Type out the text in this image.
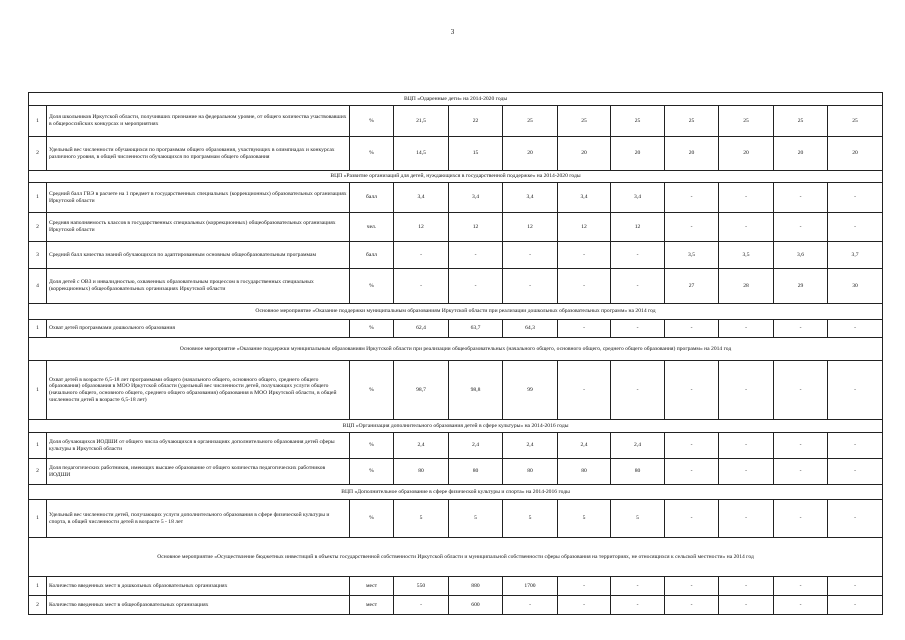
3
ВЦП «Одаренные дети» на 2014-2020 годы											
1	Доля школьников Иркутской области, получивших признание на федеральном уровне, от общего количества участвовавших в общероссийских конкурсах и мероприятиях	%	21,5	22	25	25	25	25	25	25	25
2	Удельный вес численности обучающихся по программам общего образования, участвующих в олимпиадах и конкурсах различного уровня, в общей численности обучающихся по программам общего образования	%	14,5	15	20	20	20	20	20	20	20
ВЦП «Развитие организаций для детей, нуждающихся в государственной поддержке» на 2014-2020 годы											
1	Средний балл ГВЭ в расчете на 1 предмет в государственных специальных (коррекционных) образовательных организациях Иркутской области	балл	3,4	3,4	3,4	3,4	3,4	-	-	-	-
2	Средняя наполняемость классов в государственных специальных (коррекционных) общеобразовательных организациях Иркутской области	чел.	12	12	12	12	12	-	-	-	-
3	Средний балл качества знаний обучающихся по адаптированным основным общеобразовательным программам	балл	-	-	-	-	-	3,5	3,5	3,6	3,7
4	Доля детей с ОВЗ и инвалидностью, охваченных образовательным процессом в государственных специальных (коррекционных) общеобразовательных организациях Иркутской области	%	-	-	-	-	-	27	28	29	30
Основное мероприятие «Оказание поддержки муниципальным образованиям Иркутской области при реализации дошкольных образовательных программ» на 2014 год											
1	Охват детей программами дошкольного образования	%	62,4	63,7	64,3	-	-	-	-	-	-
Основное мероприятие «Оказание поддержки муниципальным образованиям Иркутской области при реализации общеобразовательных (начального общего, основного общего, среднего общего образования) программ» на 2014 год											
1	Охват детей в возрасте 6,5-18 лет программами общего (начального общего, основного общего, среднего общего образования) образования в МОО Иркутской области (удельный вес численности детей, получающих услуги общего (начального общего, основного общего, среднего общего образования) образования в МОО Иркутской области, в общей численности детей в возрасте 6,5-18 лет)	%	98,7	98,8	99	-	-	-	-	-	-
ВЦП «Организация дополнительного образования детей в сфере культуры» на 2014-2016 годы											
1	Доля обучающихся ИОДШИ от общего числа обучающихся в организациях дополнительного образования детей сферы культуры в Иркутской области	%	2,4	2,4	2,4	2,4	2,4	-	-	-	-
2	Доля педагогических работников, имеющих высшее образование от общего количества педагогических работников ИОДШИ	%	80	80	80	80	80	-	-	-	-
ВЦП «Дополнительное образование в сфере физической культуры и спорта» на 2014-2016 годы											
1	Удельный вес численности детей, получающих услуги дополнительного образования в сфере физической культуры и спорта, в общей численности детей в возрасте 5 - 18 лет	%	5	5	5	5	5	-	-	-	-
Основное мероприятие «Осуществление бюджетных инвестиций в объекты государственной собственности Иркутской области и муниципальной собственности сферы образования на территориях, не относящихся к сельской местности» на 2014 год											
1	Количество введенных мест в дошкольных образовательных организациях	мест	550	880	1700	-	-	-	-	-	-
2	Количество введенных мест в общеобразовательных организациях	мест	-	600	-	-	-	-	-	-	-
